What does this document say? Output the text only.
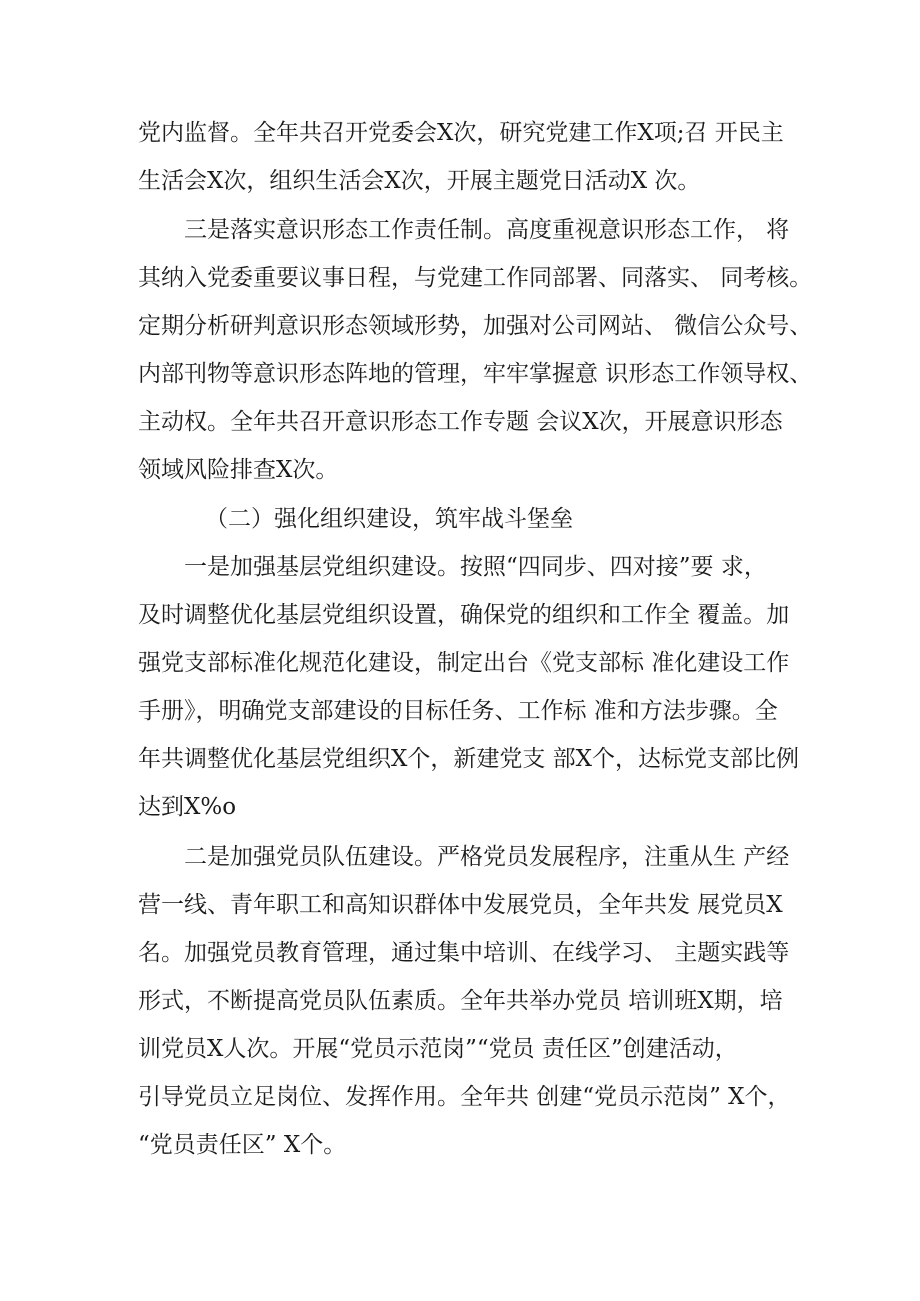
党内监督。全年共召开党委会X次，研究党建工作X项;召 开民主
生活会X次，组织生活会X次，开展主题党日活动X 次。
三是落实意识形态工作责任制。高度重视意识形态工作， 将
其纳入党委重要议事日程，与党建工作同部署、同落实、 同考核。
定期分析研判意识形态领域形势，加强对公司网站、 微信公众号、
内部刊物等意识形态阵地的管理，牢牢掌握意 识形态工作领导权、
主动权。全年共召开意识形态工作专题 会议X次，开展意识形态
领域风险排查X次。
（二）强化组织建设，筑牢战斗堡垒
一是加强基层党组织建设。按照“四同步、四对接”要 求，
及时调整优化基层党组织设置，确保党的组织和工作全 覆盖。加
强党支部标准化规范化建设，制定出台《党支部标 准化建设工作
手册》，明确党支部建设的目标任务、工作标 准和方法步骤。全
年共调整优化基层党组织X个，新建党支 部X个，达标党支部比例
达到X%o
二是加强党员队伍建设。严格党员发展程序，注重从生 产经
营一线、青年职工和高知识群体中发展党员，全年共发 展党员X
名。加强党员教育管理，通过集中培训、在线学习、 主题实践等
形式，不断提高党员队伍素质。全年共举办党员 培训班X期，培
训党员X人次。开展“党员示范岗”“党员 责任区”创建活动，
引导党员立足岗位、发挥作用。全年共 创建“党员示范岗” X个，
“党员责任区” X个。
